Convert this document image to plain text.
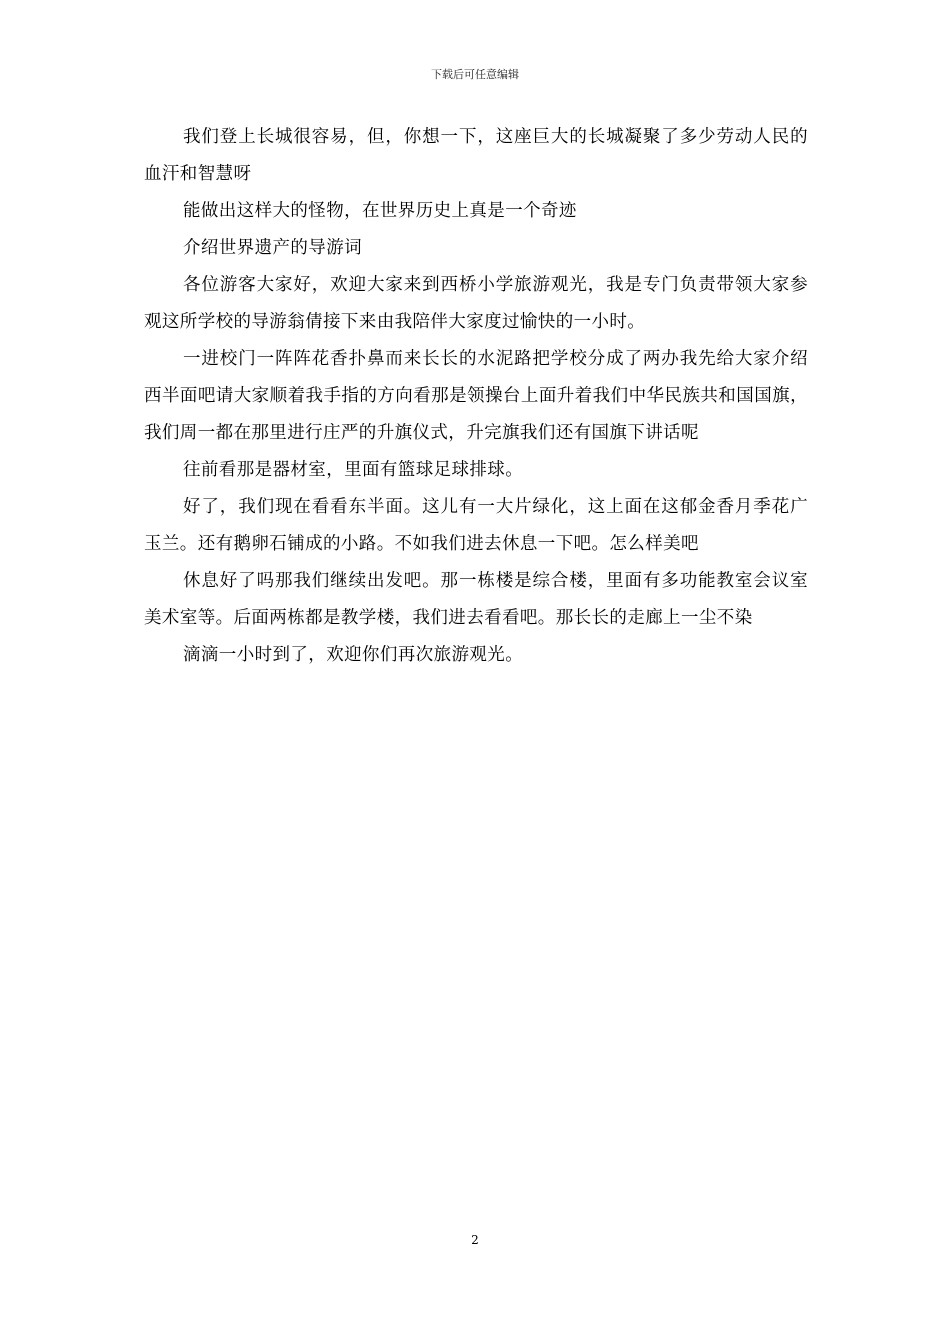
下载后可任意编辑

我们登上长城很容易，但，你想一下，这座巨大的长城凝聚了多少劳动人民的血汗和智慧呀

能做出这样大的怪物，在世界历史上真是一个奇迹

介绍世界遗产的导游词

各位游客大家好，欢迎大家来到西桥小学旅游观光，我是专门负责带领大家参观这所学校的导游翁倩接下来由我陪伴大家度过愉快的一小时。

一进校门一阵阵花香扑鼻而来长长的水泥路把学校分成了两办我先给大家介绍西半面吧请大家顺着我手指的方向看那是领操台上面升着我们中华民族共和国国旗，我们周一都在那里进行庄严的升旗仪式，升完旗我们还有国旗下讲话呢

往前看那是器材室，里面有篮球足球排球。

好了，我们现在看看东半面。这儿有一大片绿化，这上面在这郁金香月季花广玉兰。还有鹅卵石铺成的小路。不如我们进去休息一下吧。怎么样美吧

休息好了吗那我们继续出发吧。那一栋楼是综合楼，里面有多功能教室会议室美术室等。后面两栋都是教学楼，我们进去看看吧。那长长的走廊上一尘不染

滴滴一小时到了，欢迎你们再次旅游观光。

2
